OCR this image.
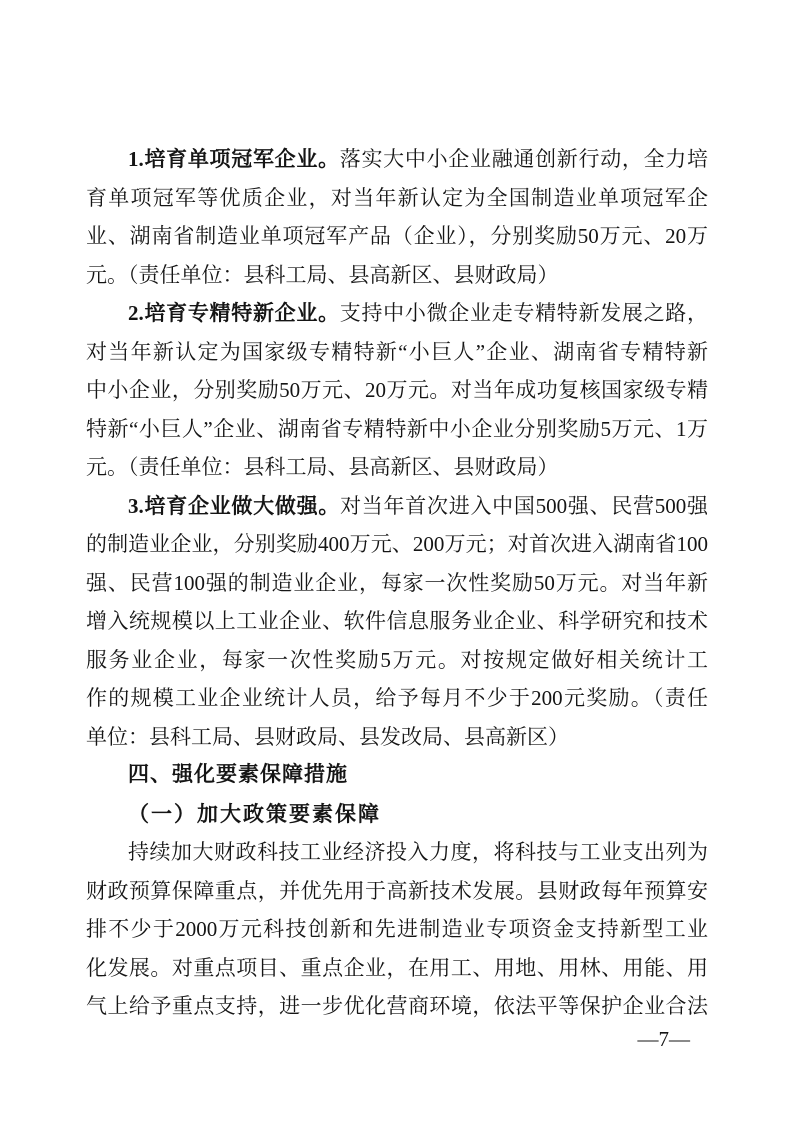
1.培育单项冠军企业。落实大中小企业融通创新行动，全力培
育单项冠军等优质企业，对当年新认定为全国制造业单项冠军企
业、湖南省制造业单项冠军产品（企业），分别奖励50万元、20万
元。（责任单位：县科工局、县高新区、县财政局）
2.培育专精特新企业。支持中小微企业走专精特新发展之路，
对当年新认定为国家级专精特新“小巨人”企业、湖南省专精特新
中小企业，分别奖励50万元、20万元。对当年成功复核国家级专精
特新“小巨人”企业、湖南省专精特新中小企业分别奖励5万元、1万
元。（责任单位：县科工局、县高新区、县财政局）
3.培育企业做大做强。对当年首次进入中国500强、民营500强
的制造业企业，分别奖励400万元、200万元；对首次进入湖南省100
强、民营100强的制造业企业，每家一次性奖励50万元。对当年新
增入统规模以上工业企业、软件信息服务业企业、科学研究和技术
服务业企业，每家一次性奖励5万元。对按规定做好相关统计工
作的规模工业企业统计人员，给予每月不少于200元奖励。（责任
单位：县科工局、县财政局、县发改局、县高新区）
四、强化要素保障措施
（一）加大政策要素保障
持续加大财政科技工业经济投入力度，将科技与工业支出列为
财政预算保障重点，并优先用于高新技术发展。县财政每年预算安
排不少于2000万元科技创新和先进制造业专项资金支持新型工业
化发展。对重点项目、重点企业，在用工、用地、用林、用能、用
气上给予重点支持，进一步优化营商环境，依法平等保护企业合法
—7—
